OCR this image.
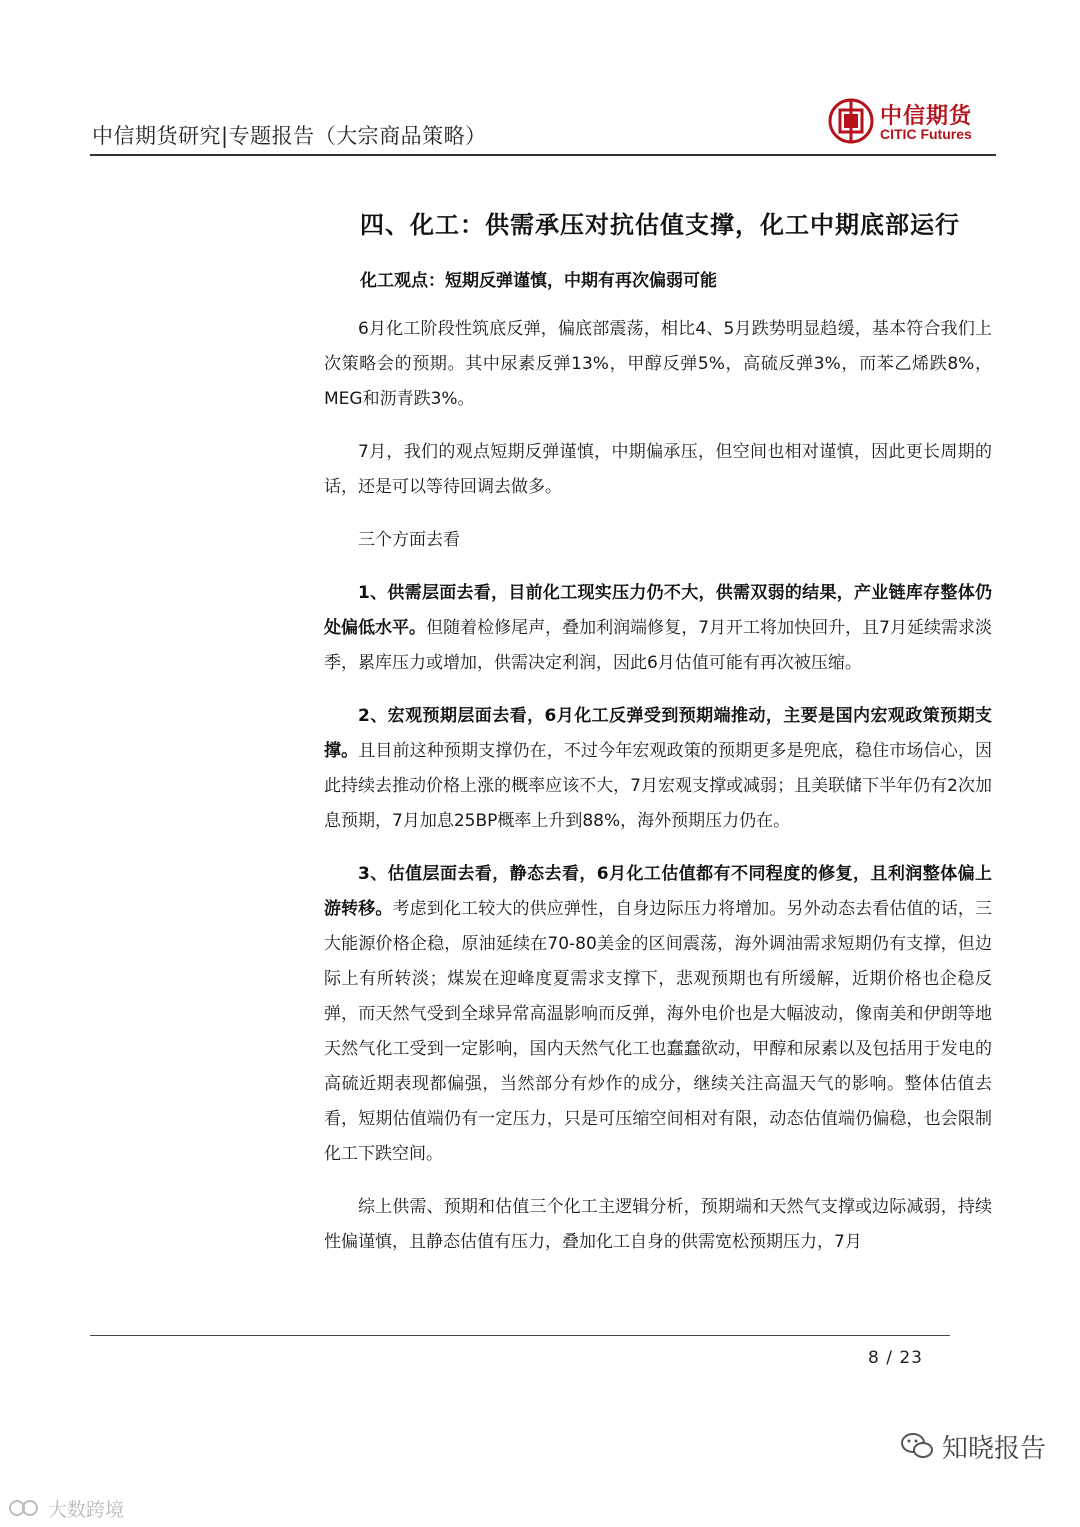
中信期货研究|专题报告（大宗商品策略）
中信期货
CITIC Futures
四、化工：供需承压对抗估值支撑，化工中期底部运行
化工观点：短期反弹谨慎，中期有再次偏弱可能

6月化工阶段性筑底反弹，偏底部震荡，相比4、5月跌势明显趋缓，基本符合我们上次策略会的预期。其中尿素反弹13%，甲醇反弹5%，高硫反弹3%，而苯乙烯跌8%，MEG和沥青跌3%。

7月，我们的观点短期反弹谨慎，中期偏承压，但空间也相对谨慎，因此更长周期的话，还是可以等待回调去做多。

三个方面去看

1、供需层面去看，目前化工现实压力仍不大，供需双弱的结果，产业链库存整体仍处偏低水平。但随着检修尾声，叠加利润端修复，7月开工将加快回升，且7月延续需求淡季，累库压力或增加，供需决定利润，因此6月估值可能有再次被压缩。

2、宏观预期层面去看，6月化工反弹受到预期端推动，主要是国内宏观政策预期支撑。且目前这种预期支撑仍在，不过今年宏观政策的预期更多是兜底，稳住市场信心，因此持续去推动价格上涨的概率应该不大，7月宏观支撑或减弱；且美联储下半年仍有2次加息预期，7月加息25BP概率上升到88%，海外预期压力仍在。

3、估值层面去看，静态去看，6月化工估值都有不同程度的修复，且利润整体偏上游转移。考虑到化工较大的供应弹性，自身边际压力将增加。另外动态去看估值的话，三大能源价格企稳，原油延续在70-80美金的区间震荡，海外调油需求短期仍有支撑，但边际上有所转淡；煤炭在迎峰度夏需求支撑下，悲观预期也有所缓解，近期价格也企稳反弹，而天然气受到全球异常高温影响而反弹，海外电价也是大幅波动，像南美和伊朗等地天然气化工受到一定影响，国内天然气化工也蠢蠢欲动，甲醇和尿素以及包括用于发电的高硫近期表现都偏强，当然部分有炒作的成分，继续关注高温天气的影响。整体估值去看，短期估值端仍有一定压力，只是可压缩空间相对有限，动态估值端仍偏稳，也会限制化工下跌空间。

综上供需、预期和估值三个化工主逻辑分析，预期端和天然气支撑或边际减弱，持续性偏谨慎，且静态估值有压力，叠加化工自身的供需宽松预期压力，7月

8 / 23
大数跨境
知晓报告
